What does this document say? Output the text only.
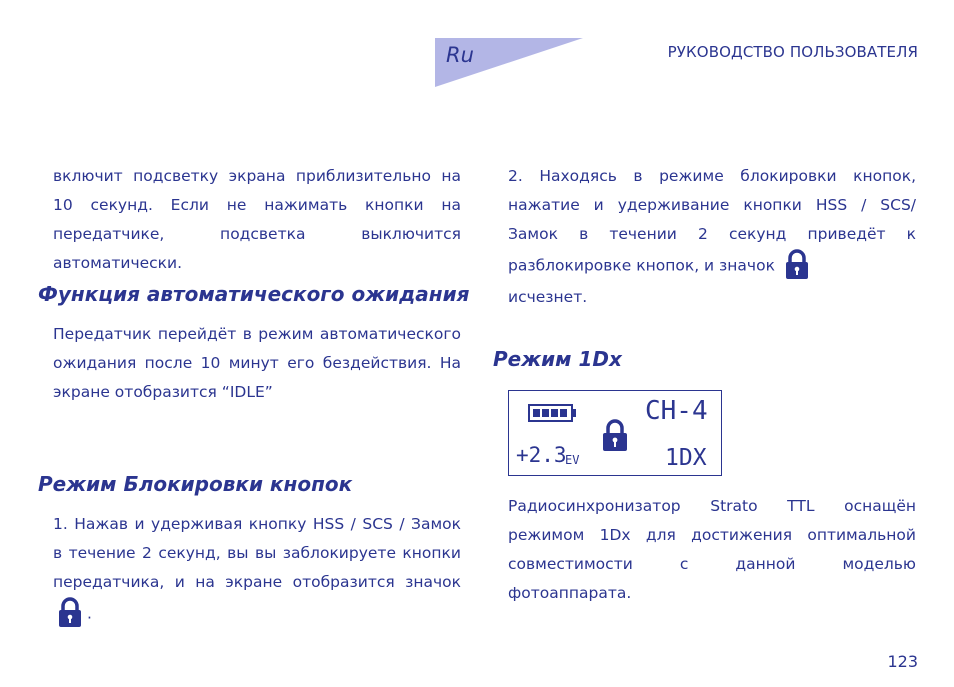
Ru	РУКОВОДСТВО ПОЛЬЗОВАТЕЛЯ

включит подсветку экрана приблизительно на 10 секунд. Если не нажимать кнопки на передатчике, подсветка выключится автоматически.

Функция автоматического ожидания

Передатчик перейдёт в режим автоматического ожидания после 10 минут его бездействия. На экране отобразится “IDLE”

Режим Блокировки кнопок

1. Нажав и удерживая кнопку HSS / SCS / Замок в течение 2 секунд, вы вы заблокируете кнопки передатчика, и на экране отобразится значок .

2. Находясь в режиме блокировки кнопок, нажатие и удерживание кнопки HSS / SCS/ Замок в течении 2 секунд приведёт к разблокировке кнопок, и значок
исчезнет.

Режим 1Dx
CH-4
+2.3
EV	1DX

Радиосинхронизатор Strato TTL оснащён режимом 1Dx для достижения оптимальной совместимости с данной моделью фотоаппарата.

123
